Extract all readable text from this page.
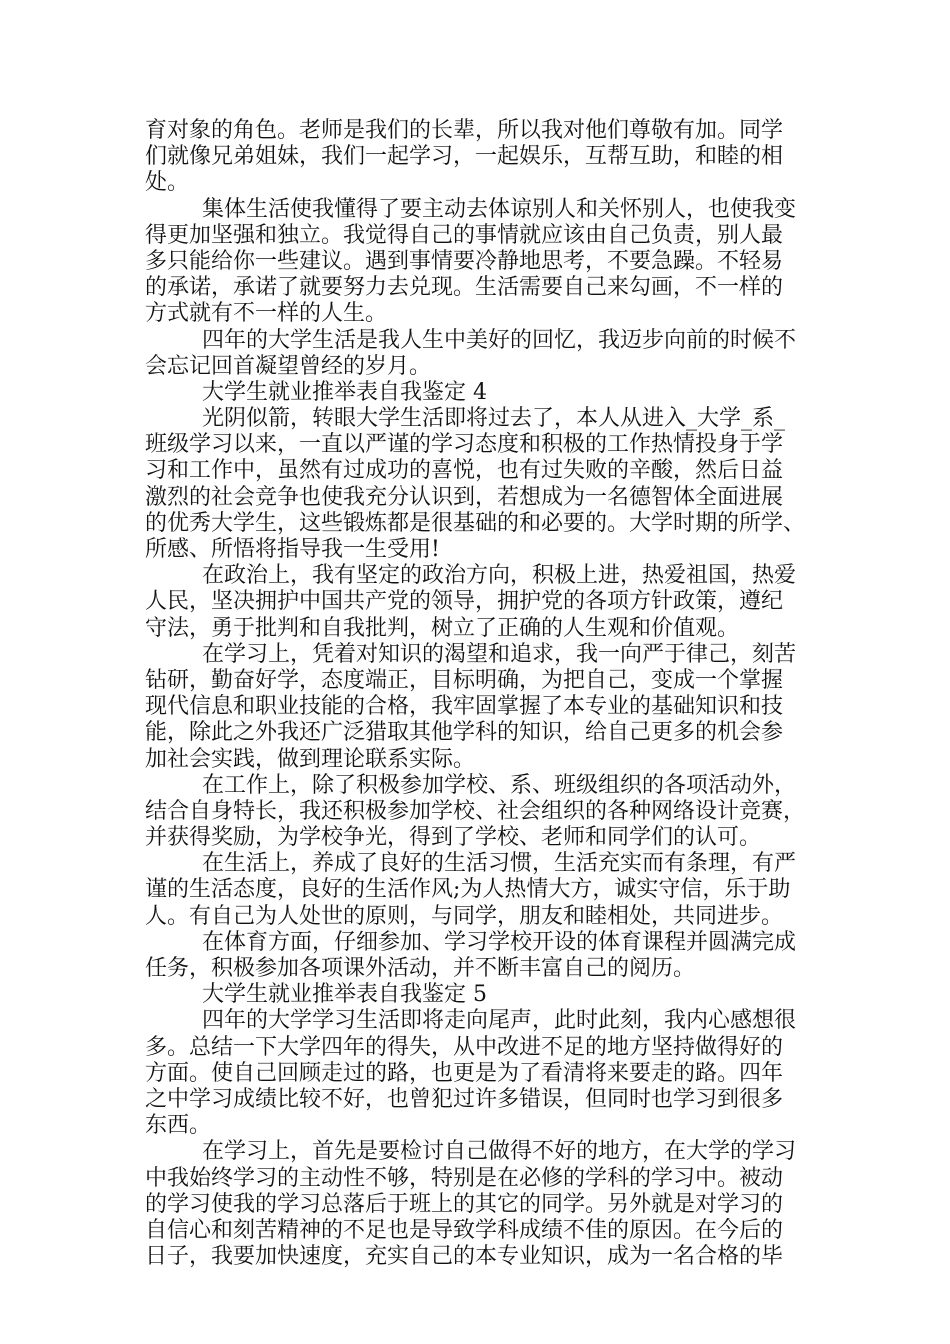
育对象的角色。老师是我们的长辈，所以我对他们尊敬有加。同学
们就像兄弟姐妹，我们一起学习，一起娱乐，互帮互助，和睦的相
处。
集体生活使我懂得了要主动去体谅别人和关怀别人，也使我变
得更加坚强和独立。我觉得自己的事情就应该由自己负责，别人最
多只能给你一些建议。遇到事情要冷静地思考，不要急躁。不轻易
的承诺，承诺了就要努力去兑现。生活需要自己来勾画，不一样的
方式就有不一样的人生。
四年的大学生活是我人生中美好的回忆，我迈步向前的时候不
会忘记回首凝望曾经的岁月。
大学生就业推举表自我鉴定 4
光阴似箭，转眼大学生活即将过去了，本人从进入_大学_系_
班级学习以来，一直以严谨的学习态度和积极的工作热情投身于学
习和工作中，虽然有过成功的喜悦，也有过失败的辛酸，然后日益
激烈的社会竞争也使我充分认识到，若想成为一名德智体全面进展
的优秀大学生，这些锻炼都是很基础的和必要的。大学时期的所学、
所感、所悟将指导我一生受用!
在政治上，我有坚定的政治方向，积极上进，热爱祖国，热爱
人民，坚决拥护中国共产党的领导，拥护党的各项方针政策，遵纪
守法，勇于批判和自我批判，树立了正确的人生观和价值观。
在学习上，凭着对知识的渴望和追求，我一向严于律己，刻苦
钻研，勤奋好学，态度端正，目标明确，为把自己，变成一个掌握
现代信息和职业技能的合格，我牢固掌握了本专业的基础知识和技
能，除此之外我还广泛猎取其他学科的知识，给自己更多的机会参
加社会实践，做到理论联系实际。
在工作上，除了积极参加学校、系、班级组织的各项活动外，
结合自身特长，我还积极参加学校、社会组织的各种网络设计竞赛，
并获得奖励，为学校争光，得到了学校、老师和同学们的认可。
在生活上，养成了良好的生活习惯，生活充实而有条理，有严
谨的生活态度，良好的生活作风;为人热情大方，诚实守信，乐于助
人。有自己为人处世的原则，与同学，朋友和睦相处，共同进步。
在体育方面，仔细参加、学习学校开设的体育课程并圆满完成
任务，积极参加各项课外活动，并不断丰富自己的阅历。
大学生就业推举表自我鉴定 5
四年的大学学习生活即将走向尾声，此时此刻，我内心感想很
多。总结一下大学四年的得失，从中改进不足的地方坚持做得好的
方面。使自己回顾走过的路，也更是为了看清将来要走的路。四年
之中学习成绩比较不好，也曾犯过许多错误，但同时也学习到很多
东西。
在学习上，首先是要检讨自己做得不好的地方，在大学的学习
中我始终学习的主动性不够，特别是在必修的学科的学习中。被动
的学习使我的学习总落后于班上的其它的同学。另外就是对学习的
自信心和刻苦精神的不足也是导致学科成绩不佳的原因。在今后的
日子，我要加快速度，充实自己的本专业知识，成为一名合格的毕
